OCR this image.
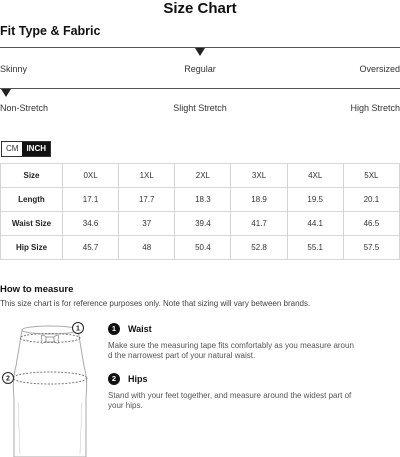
Size Chart
Fit Type & Fabric
Skinny	Regular	Oversized
Non-Stretch	Slight Stretch	High Stretch
CM	INCH
Size	0XL	1XL	2XL	3XL	4XL	5XL
Length	17.1	17.7	18.3	18.9	19.5	20.1
Waist Size	34.6	37	39.4	41.7	44.1	46.5
Hip Size	45.7	48	50.4	52.8	55.1	57.5
How to measure
This size chart is for reference purposes only. Note that sizing will vary between brands.
1
2
1	Waist
Make sure the measuring tape fits comfortably as you measure aroun
d the narrowest part of your natural waist.
2	Hips
Stand with your feet together, and measure around the widest part of
your hips.
